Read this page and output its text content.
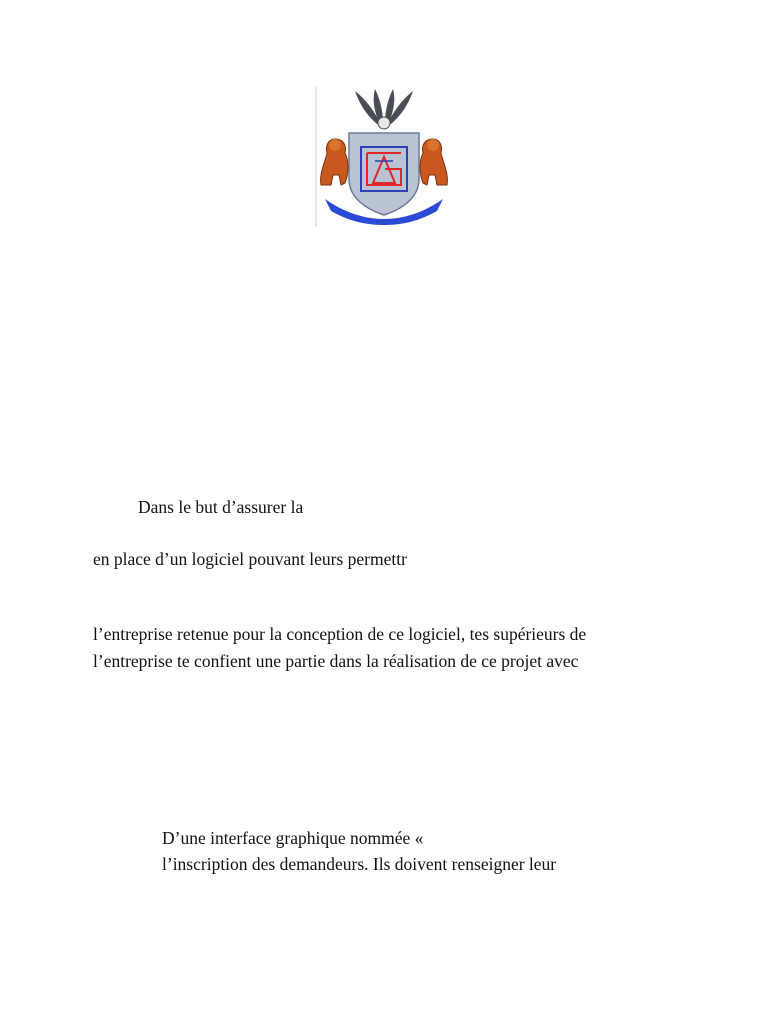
Dans le but d’assurer la
en place d’un logiciel pouvant leurs permettr
l’entreprise retenue pour la conception de ce logiciel, tes supérieurs de
l’entreprise te confient une partie dans la réalisation de ce projet avec
D’une interface graphique nommée «
l’inscription des demandeurs. Ils doivent renseigner leur
